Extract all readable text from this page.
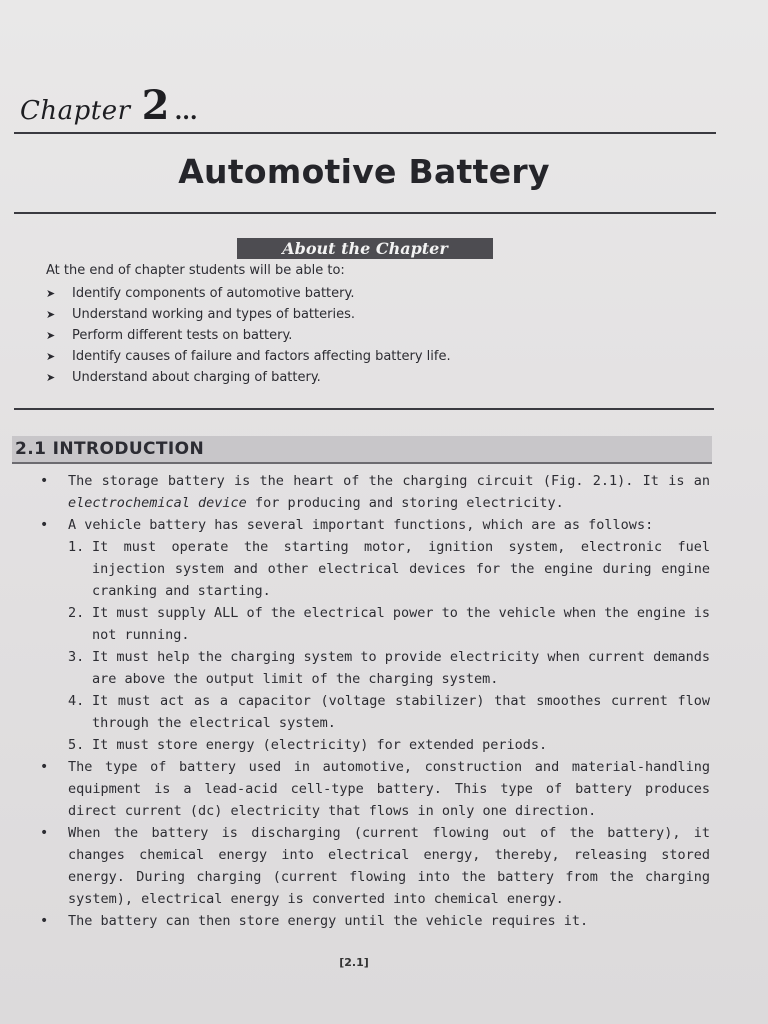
Chapter 2 ...
Automotive Battery
About the Chapter
At the end of chapter students will be able to:
➤	Identify components of automotive battery.
➤	Understand working and types of batteries.
➤	Perform different tests on battery.
➤	Identify causes of failure and factors affecting battery life.
➤	Understand about charging of battery.
2.1 INTRODUCTION

•	The storage battery is the heart of the charging circuit (Fig. 2.1). It is an electrochemical device for producing and storing electricity.

•	A vehicle battery has several important functions, which are as follows:

1. It must operate the starting motor, ignition system, electronic fuel injection system and other electrical devices for the engine during engine cranking and starting.
2. It must supply ALL of the electrical power to the vehicle when the engine is not running.
3. It must help the charging system to provide electricity when current demands are above the output limit of the charging system.
4. It must act as a capacitor (voltage stabilizer) that smoothes current flow through the electrical system.
5. It must store energy (electricity) for extended periods.

•	The type of battery used in automotive, construction and material-handling equipment is a lead-acid cell-type battery. This type of battery produces direct current (dc) electricity that flows in only one direction.

•	When the battery is discharging (current flowing out of the battery), it changes chemical energy into electrical energy, thereby, releasing stored energy. During charging (current flowing into the battery from the charging system), electrical energy is converted into chemical energy.

•	The battery can then store energy until the vehicle requires it.

[2.1]
